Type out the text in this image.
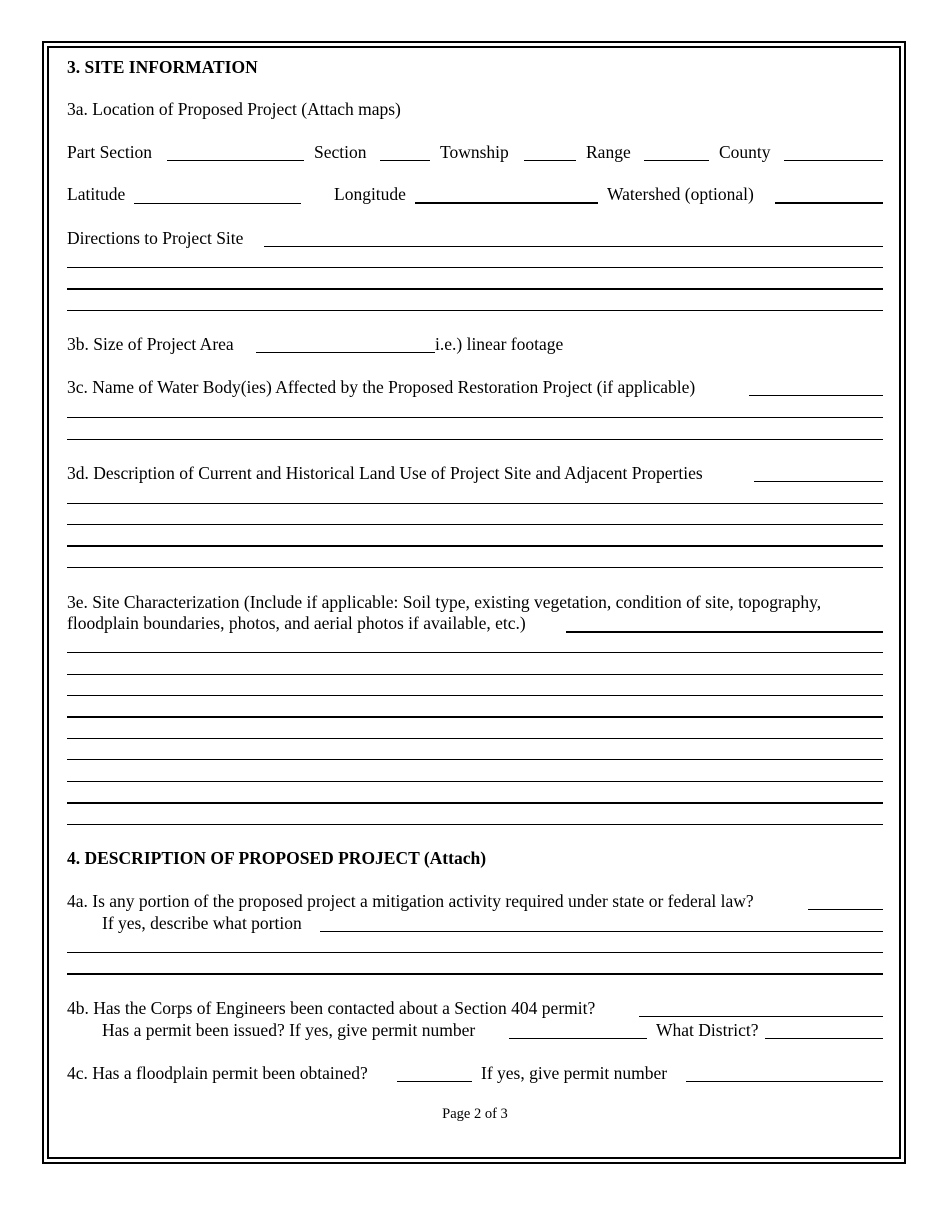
3. SITE INFORMATION
3a. Location of Proposed Project (Attach maps)
Part Section	Section	Township	Range	County
Latitude	Longitude	Watershed (optional)
Directions to Project Site
3b. Size of Project Area	i.e.) linear footage
3c. Name of Water Body(ies) Affected by the Proposed Restoration Project (if applicable)
3d. Description of Current and Historical Land Use of Project Site and Adjacent Properties
3e. Site Characterization (Include if applicable: Soil type, existing vegetation, condition of site, topography,
floodplain boundaries, photos, and aerial photos if available, etc.)
4. DESCRIPTION OF PROPOSED PROJECT (Attach)
4a. Is any portion of the proposed project a mitigation activity required under state or federal law?
If yes, describe what portion
4b. Has the Corps of Engineers been contacted about a Section 404 permit?
Has a permit been issued? If yes, give permit number	What District?
4c. Has a floodplain permit been obtained?	If yes, give permit number
Page 2 of 3
